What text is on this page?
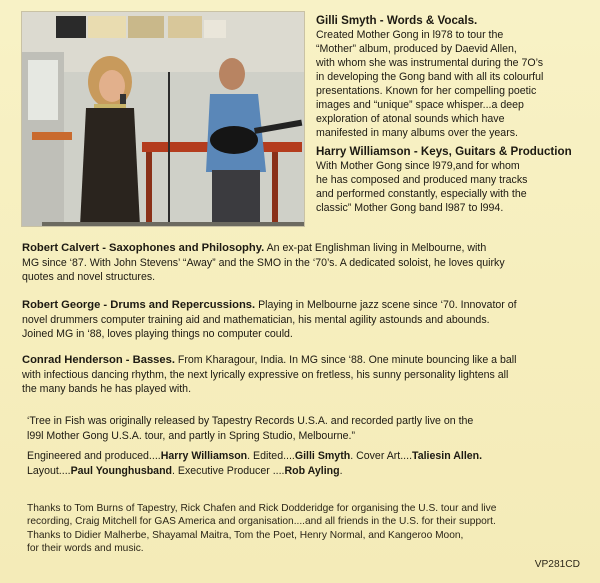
Gilli Smyth - Words & Vocals.

Created Mother Gong in l978 to tour the

“Mother” album, produced by Daevid Allen,

with whom she was instrumental during the 7O’s

in developing the Gong band with all its colourful

presentations. Known for her compelling poetic

images and “unique” space whisper...a deep

exploration of atonal sounds which have

manifested in many albums over the years.

Harry Williamson - Keys, Guitars & Production

With Mother Gong since l979,and for whom

he has composed and produced many tracks

and performed constantly, especially with the

classic” Mother Gong band l987 to l994.

Robert Calvert - Saxophones and Philosophy. An ex-pat Englishman living in Melbourne, with
MG since ‘87. With John Stevens’ “Away” and the SMO in the ‘70’s. A dedicated soloist, he loves quirky
quotes and novel structures.
Robert George - Drums and Repercussions. Playing in Melbourne jazz scene since ‘70. Innovator of
novel drummers computer training aid and mathematician, his mental agility astounds and abounds.
Joined MG in ‘88, loves playing things no computer could.
Conrad Henderson - Basses. From Kharagour, India. In MG since ‘88. One minute bouncing like a ball
with infectious dancing rhythm, the next lyrically expressive on fretless, his sunny personality lightens all
the many bands he has played with.
‘Tree in Fish was originally released by Tapestry Records U.S.A. and recorded partly live on the
l99l Mother Gong U.S.A. tour, and partly in Spring Studio, Melbourne.”
Engineered and produced....Harry Williamson. Edited....Gilli Smyth. Cover Art....Taliesin Allen.
Layout....Paul Younghusband. Executive Producer ....Rob Ayling.
Thanks to Tom Burns of Tapestry, Rick Chafen and Rick Dodderidge for organising the U.S. tour and live
recording, Craig Mitchell for GAS America and organisation....and all friends in the U.S. for their support.
Thanks to Didier Malherbe, Shayamal Maitra, Tom the Poet, Henry Normal, and Kangeroo Moon,
for their words and music.
VP281CD
